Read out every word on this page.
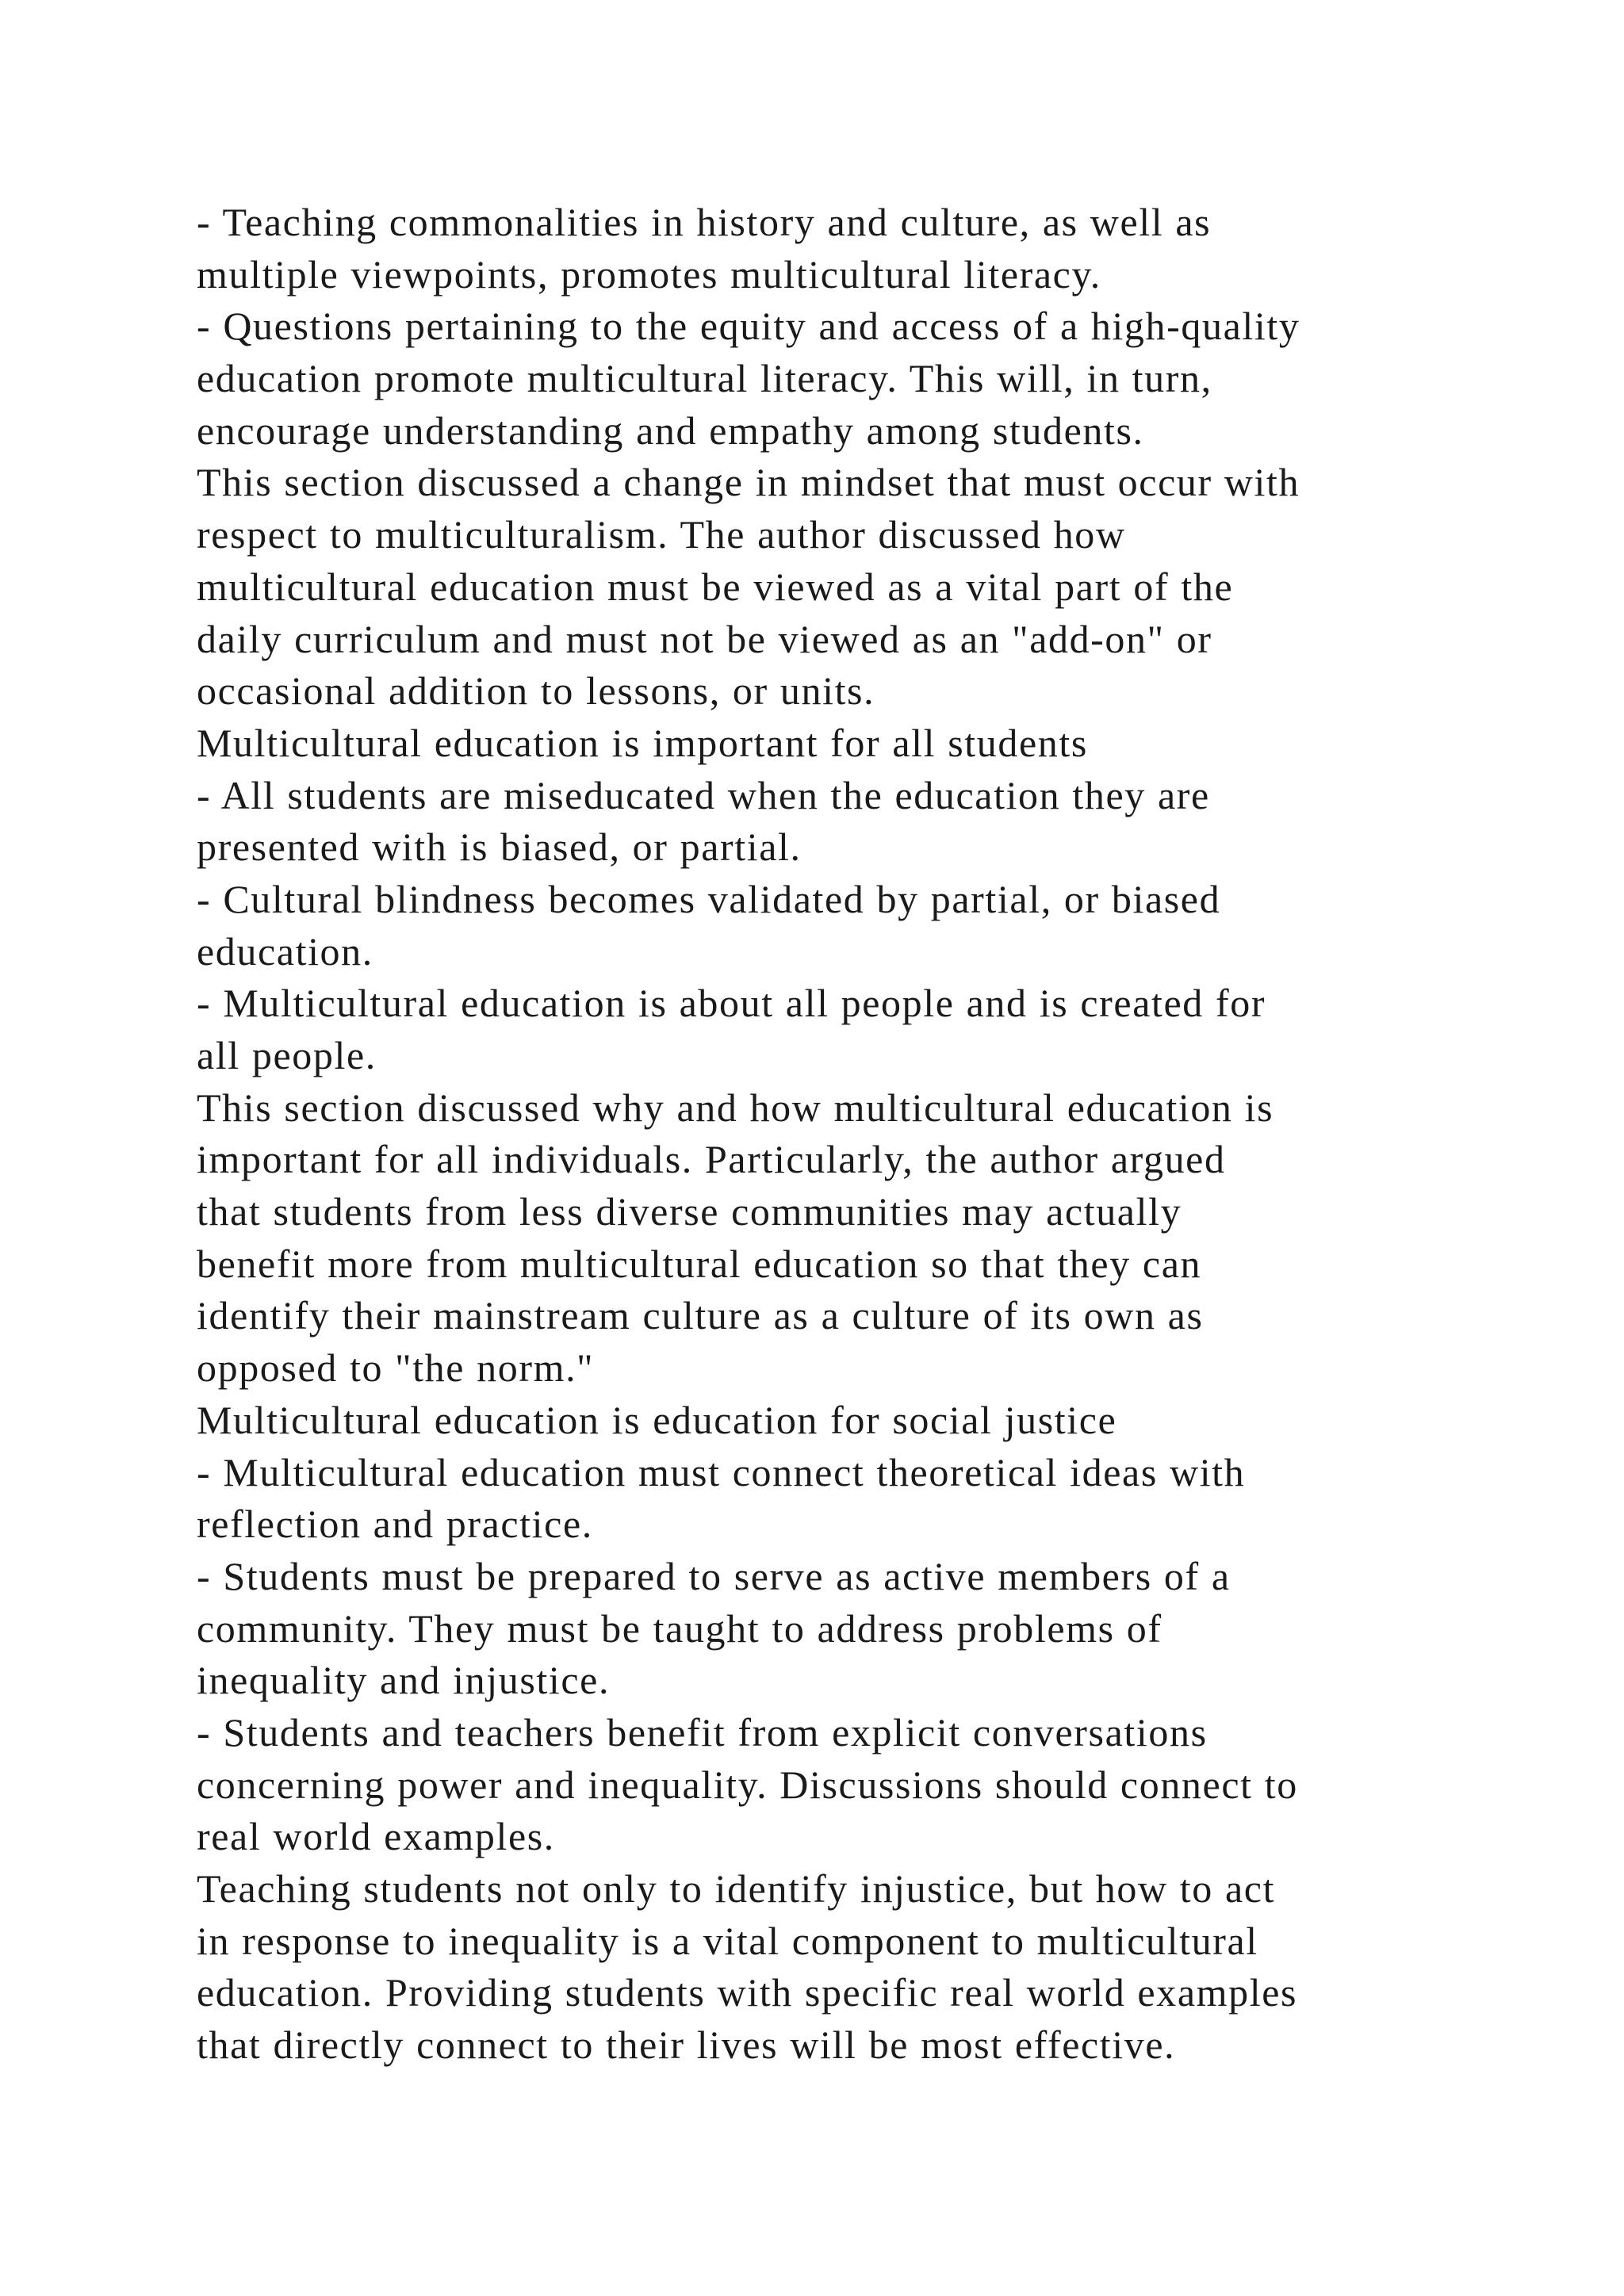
- Teaching commonalities in history and culture, as well as
multiple viewpoints, promotes multicultural literacy.
- Questions pertaining to the equity and access of a high-quality
education promote multicultural literacy. This will, in turn,
encourage understanding and empathy among students.
This section discussed a change in mindset that must occur with
respect to multiculturalism. The author discussed how
multicultural education must be viewed as a vital part of the
daily curriculum and must not be viewed as an "add-on" or
occasional addition to lessons, or units.
Multicultural education is important for all students
- All students are miseducated when the education they are
presented with is biased, or partial.
- Cultural blindness becomes validated by partial, or biased
education.
- Multicultural education is about all people and is created for
all people.
This section discussed why and how multicultural education is
important for all individuals. Particularly, the author argued
that students from less diverse communities may actually
benefit more from multicultural education so that they can
identify their mainstream culture as a culture of its own as
opposed to "the norm."
Multicultural education is education for social justice
- Multicultural education must connect theoretical ideas with
reflection and practice.
- Students must be prepared to serve as active members of a
community. They must be taught to address problems of
inequality and injustice.
- Students and teachers benefit from explicit conversations
concerning power and inequality. Discussions should connect to
real world examples.
Teaching students not only to identify injustice, but how to act
in response to inequality is a vital component to multicultural
education. Providing students with specific real world examples
that directly connect to their lives will be most effective.
